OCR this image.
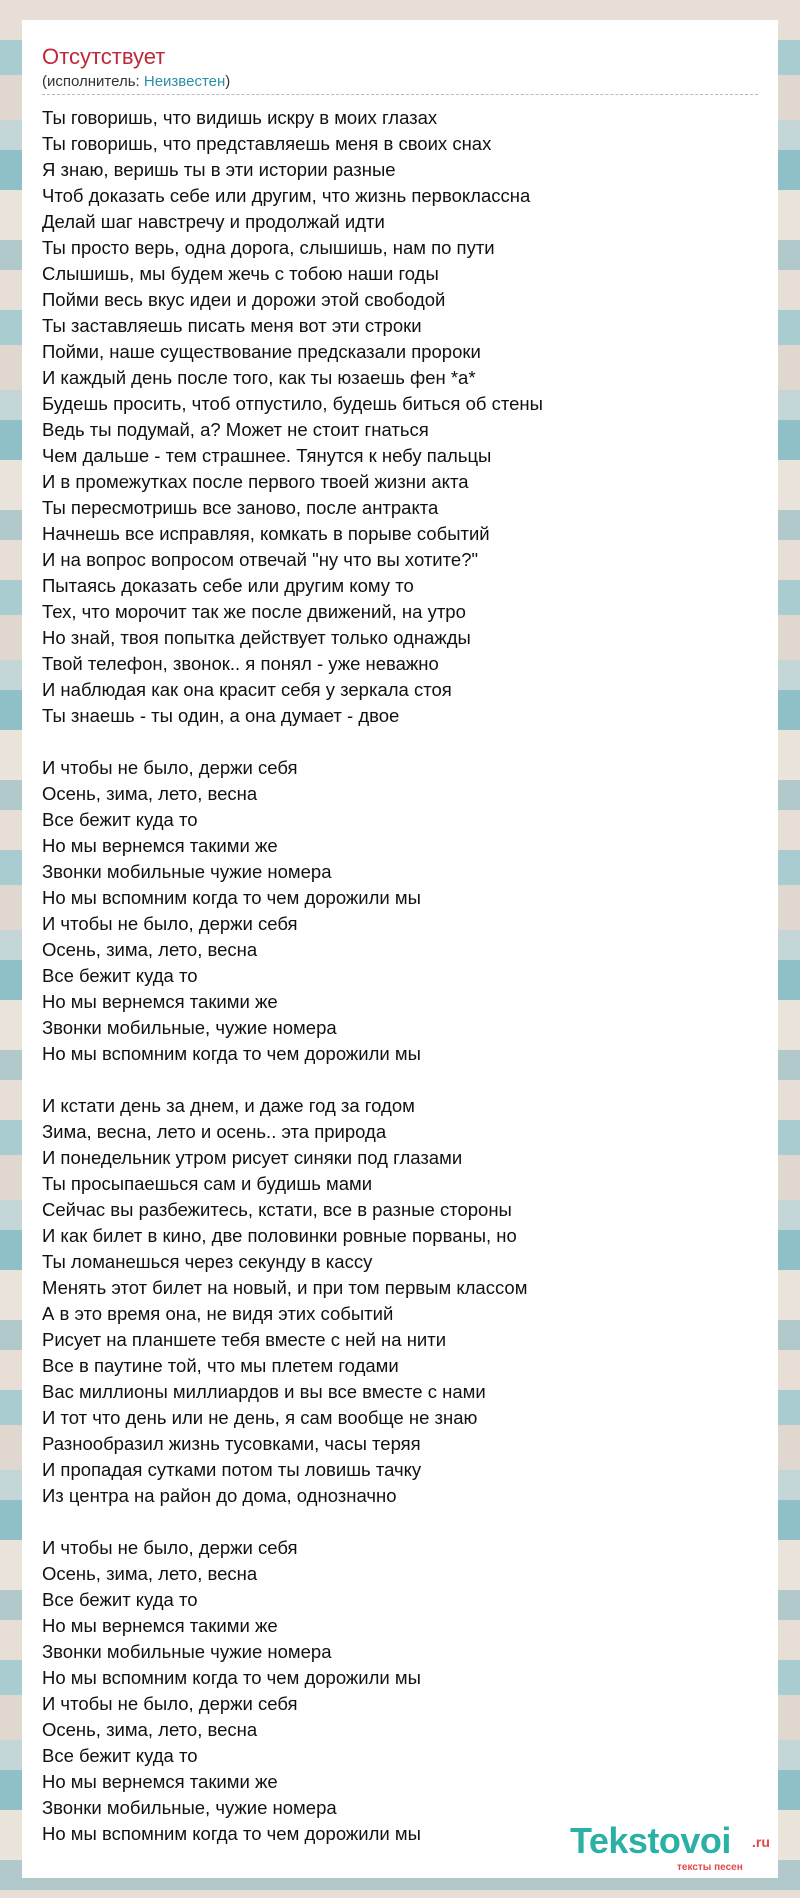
Отсутствует
(исполнитель: Неизвестен)
Ты говоришь, что видишь искру в моих глазах
Ты говоришь, что представляешь меня в своих снах
Я знаю, веришь ты в эти истории разные
Чтоб доказать себе или другим, что жизнь первоклассна
Делай шаг навстречу и продолжай идти
Ты просто верь, одна дорога, слышишь, нам по пути
Слышишь, мы будем жечь с тобою наши годы
Пойми весь вкус идеи и дорожи этой свободой
Ты заставляешь писать меня вот эти строки
Пойми, наше существование предсказали пророки
И каждый день после того, как ты юзаешь фен *а*
Будешь просить, чтоб отпустило, будешь биться об стены
Ведь ты подумай, а? Может не стоит гнаться
Чем дальше - тем страшнее. Тянутся к небу пальцы
И в промежутках после первого твоей жизни акта
Ты пересмотришь все заново, после антракта
Начнешь все исправляя, комкать в порыве событий
И на вопрос вопросом отвечай "ну что вы хотите?"
Пытаясь доказать себе или другим кому то
Тех, что морочит так же после движений, на утро
Но знай, твоя попытка действует только однажды
Твой телефон, звонок.. я понял - уже неважно
И наблюдая как она красит себя у зеркала стоя
Ты знаешь - ты один, а она думает - двое
И чтобы не было, держи себя
Осень, зима, лето, весна
Все бежит куда то
Но мы вернемся такими же
Звонки мобильные чужие номера
Но мы вспомним когда то чем дорожили мы
И чтобы не было, держи себя
Осень, зима, лето, весна
Все бежит куда то
Но мы вернемся такими же
Звонки мобильные, чужие номера
Но мы вспомним когда то чем дорожили мы
И кстати день за днем, и даже год за годом
Зима, весна, лето и осень.. эта природа
И понедельник утром рисует синяки под глазами
Ты просыпаешься сам и будишь мами
Сейчас вы разбежитесь, кстати, все в разные стороны
И как билет в кино, две половинки ровные порваны, но
Ты ломанешься через секунду в кассу
Менять этот билет на новый, и при том первым классом
А в это время она, не видя этих событий
Рисует на планшете тебя вместе с ней на нити
Все в паутине той, что мы плетем годами
Вас миллионы миллиардов и вы все вместе с нами
И тот что день или не день, я сам вообще не знаю
Разнообразил жизнь тусовками, часы теряя
И пропадая сутками потом ты ловишь тачку
Из центра на район до дома, однозначно
И чтобы не было, держи себя
Осень, зима, лето, весна
Все бежит куда то
Но мы вернемся такими же
Звонки мобильные чужие номера
Но мы вспомним когда то чем дорожили мы
И чтобы не было, держи себя
Осень, зима, лето, весна
Все бежит куда то
Но мы вернемся такими же
Звонки мобильные, чужие номера
Но мы вспомним когда то чем дорожили мы	Tekstovoi .ru
тексты песен
